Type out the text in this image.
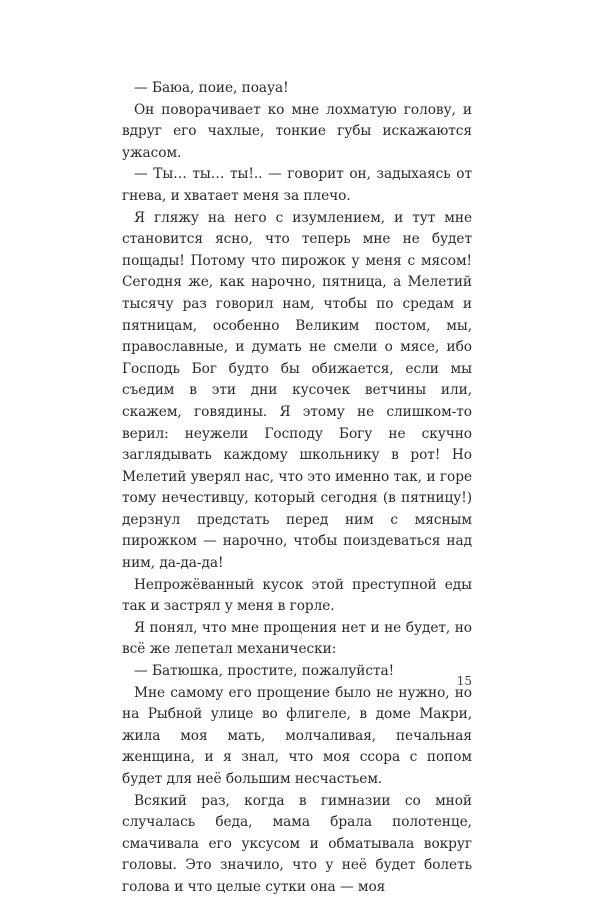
— Баюа, поие, поауа!

Он поворачивает ко мне лохматую голову, и вдруг его чахлые, тонкие губы искажаются ужасом.

— Ты… ты… ты!.. — говорит он, задыхаясь от гнева, и хватает меня за плечо.

Я гляжу на него с изумлением, и тут мне становится ясно, что теперь мне не будет пощады! Потому что пирожок у меня с мясом! Сегодня же, как нарочно, пятница, а Мелетий тысячу раз говорил нам, чтобы по средам и пятницам, особенно Великим постом, мы, православные, и думать не смели о мясе, ибо Господь Бог будто бы обижается, если мы съедим в эти дни кусочек ветчины или, скажем, говядины. Я этому не слишком-то верил: неужели Господу Богу не скучно заглядывать каждому школьнику в рот! Но Мелетий уверял нас, что это именно так, и горе тому нечестивцу, который сегодня (в пятницу!) дерзнул предстать перед ним с мясным пирожком — нарочно, чтобы поиздеваться над ним, да-да-да!

Непрожёванный кусок этой преступной еды так и застрял у меня в горле.

Я понял, что мне прощения нет и не будет, но всё же лепетал механически:

— Батюшка, простите, пожалуйста!

Мне самому его прощение было не нужно, но на Рыбной улице во флигеле, в доме Макри, жила моя мать, молчаливая, печальная женщина, и я знал, что моя ссора с попом будет для неё большим несчастьем.

Всякий раз, когда в гимназии со мной случалась беда, мама брала полотенце, смачивала его уксусом и обматывала вокруг головы. Это значило, что у неё будет болеть голова и что целые сутки она — моя

15
